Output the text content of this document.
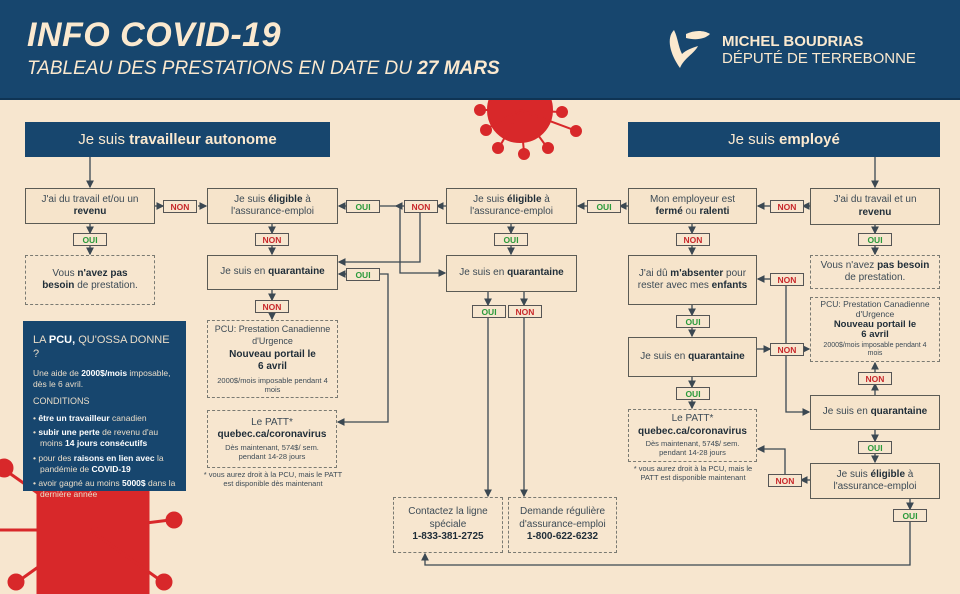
INFO COVID-19
TABLEAU DES PRESTATIONS EN DATE DU 27 MARS
MICHEL BOUDRIAS
DÉPUTÉ DE TERREBONNE
Je suis
travailleur autonome	Je suis
employé
J'ai du travail et/ou un revenu
Je suis éligible à l'assurance-emploi
Je suis en quarantaine
Vous n'avez pas besoin de prestation.
PCU: Prestation Canadienne d'Urgence
Nouveau portail le 6 avril
2000$/mois imposable pendant 4 mois
Le PATT*
quebec.ca/coronavirus
Dès maintenant, 574$/ sem. pendant 14-28 jours
* vous aurez droit à la PCU, mais le PATT est disponible dès maintenant
LA PCU, QU'OSSA DONNE ?

Une aide de 2000$/mois imposable, dès le 6 avril.

CONDITIONS

• être un travailleur canadien
• subir une perte de revenu d'au moins 14 jours consécutifs
• pour des raisons en lien avec la pandémie de COVID-19
• avoir gagné au moins 5000$ dans la dernière année
Je suis éligible à l'assurance-emploi
Je suis en quarantaine
Contactez la ligne spéciale
1-833-381-2725
Demande régulière d'assurance-emploi
1-800-622-6232
Mon employeur est fermé ou ralenti
J'ai du travail et un revenu
J'ai dû m'absenter pour rester avec mes enfants
Je suis en quarantaine
Le PATT*
quebec.ca/coronavirus
Dès maintenant, 574$/ sem. pendant 14-28 jours
* vous aurez droit à la PCU, mais le PATT est disponible maintenant
Vous n'avez pas besoin de prestation.
PCU: Prestation Canadienne d'Urgence
Nouveau portail le 6 avril
2000$/mois imposable pendant 4 mois
Je suis en quarantaine
Je suis éligible à l'assurance-emploi
NON
OUI	NON
OUI
OUI
NON
NON
OUI
OUI	NON
OUI	NON
NON	OUI
NON
OUI
NON
OUI
NON
OUI
NON
OUI
